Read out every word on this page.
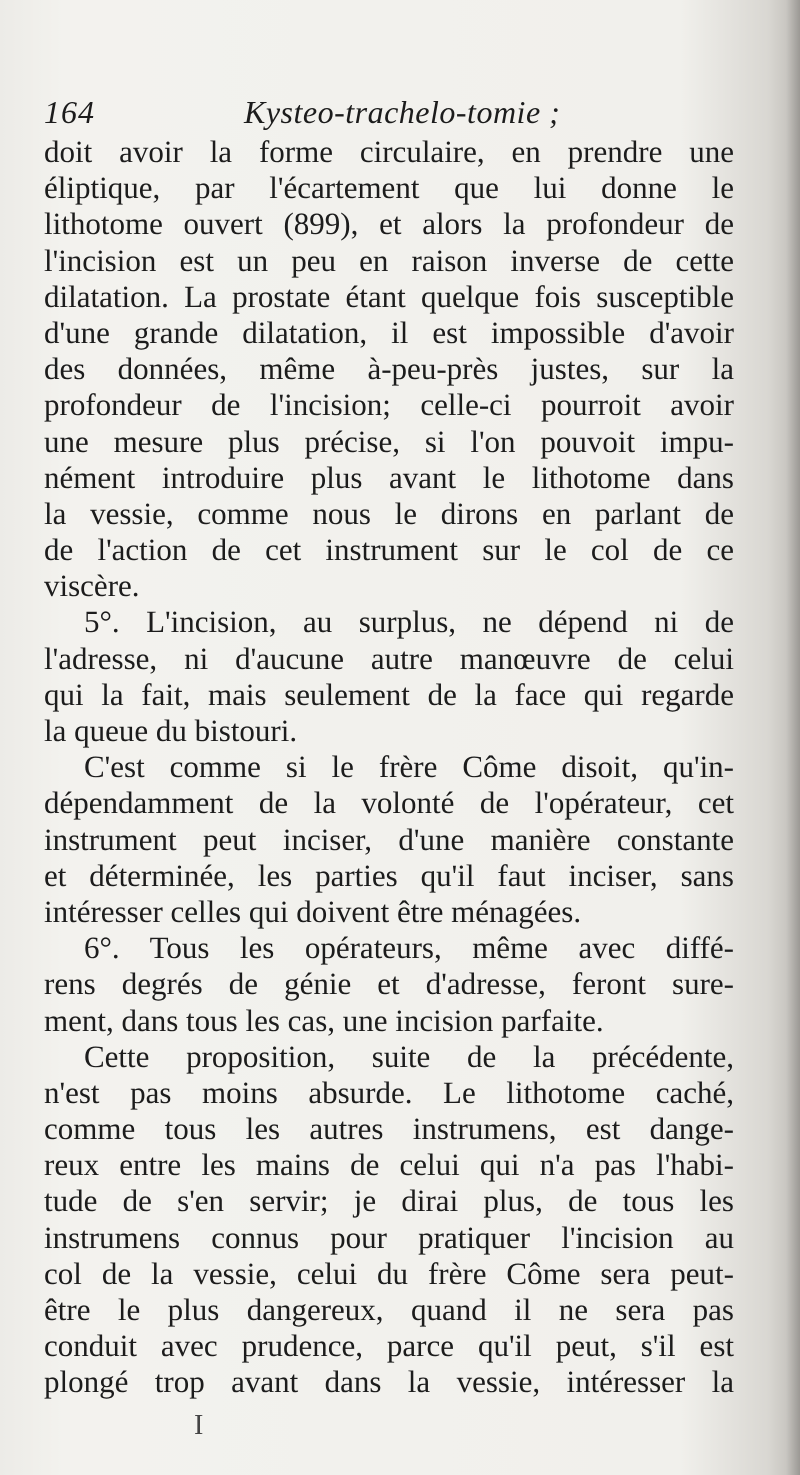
164	Kysteo-trachelo-tomie ;
doit avoir la forme circulaire, en prendre une
éliptique, par l'écartement que lui donne le
lithotome ouvert (899), et alors la profondeur de
l'incision est un peu en raison inverse de cette
dilatation. La prostate étant quelque fois susceptible
d'une grande dilatation, il est impossible d'avoir
des données, même à-peu-près justes, sur la
profondeur de l'incision; celle-ci pourroit avoir
une mesure plus précise, si l'on pouvoit impu-
nément introduire plus avant le lithotome dans
la vessie, comme nous le dirons en parlant de
de l'action de cet instrument sur le col de ce
viscère.
5°. L'incision, au surplus, ne dépend ni de
l'adresse, ni d'aucune autre manœuvre de celui
qui la fait, mais seulement de la face qui regarde
la queue du bistouri.
C'est comme si le frère Côme disoit, qu'in-
dépendamment de la volonté de l'opérateur, cet
instrument peut inciser, d'une manière constante
et déterminée, les parties qu'il faut inciser, sans
intéresser celles qui doivent être ménagées.
6°. Tous les opérateurs, même avec diffé-
rens degrés de génie et d'adresse, feront sure-
ment, dans tous les cas, une incision parfaite.
Cette proposition, suite de la précédente,
n'est pas moins absurde. Le lithotome caché,
comme tous les autres instrumens, est dange-
reux entre les mains de celui qui n'a pas l'habi-
tude de s'en servir; je dirai plus, de tous les
instrumens connus pour pratiquer l'incision au
col de la vessie, celui du frère Côme sera peut-
être le plus dangereux, quand il ne sera pas
conduit avec prudence, parce qu'il peut, s'il est
plongé trop avant dans la vessie, intéresser la
I
